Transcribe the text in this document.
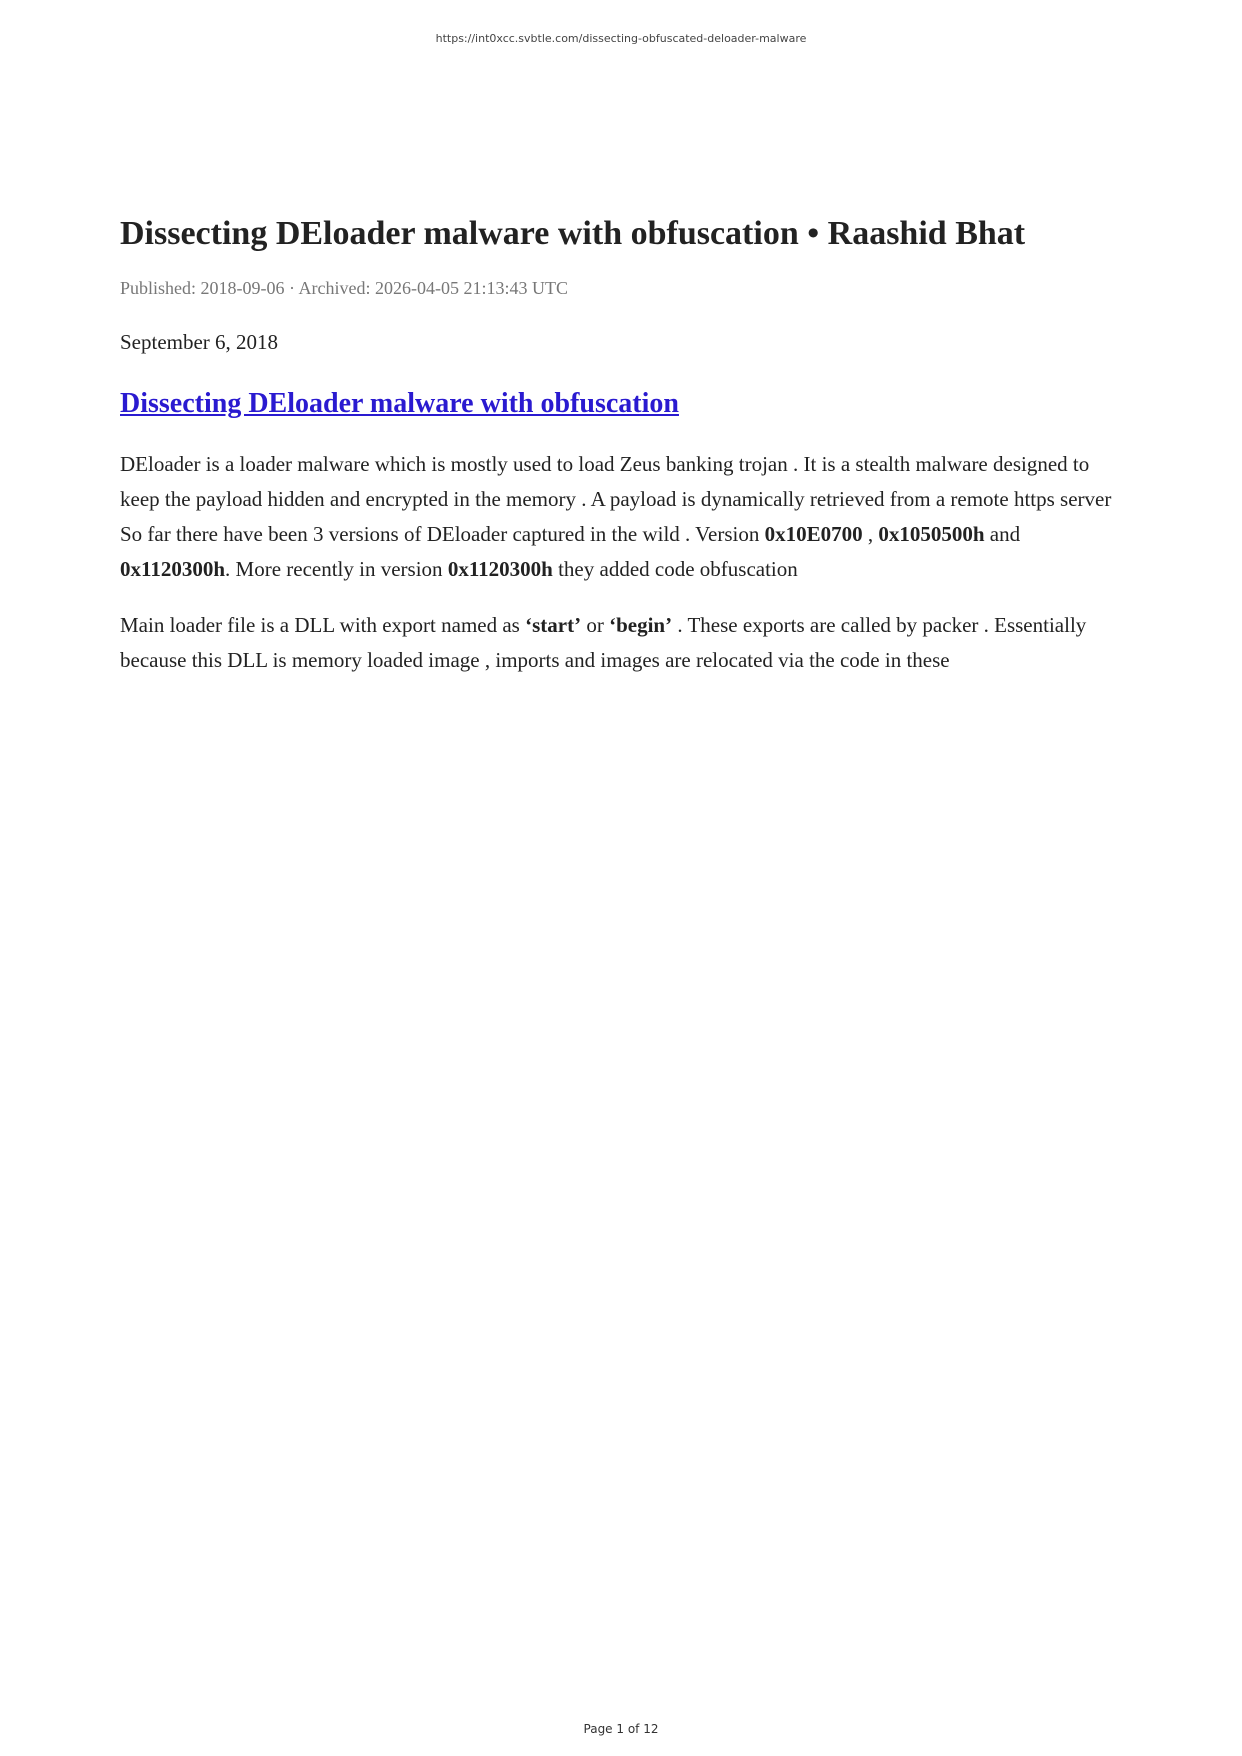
https://int0xcc.svbtle.com/dissecting-obfuscated-deloader-malware
Dissecting DEloader malware with obfuscation • Raashid Bhat
Published: 2018-09-06 · Archived: 2026-04-05 21:13:43 UTC
September 6, 2018
Dissecting DEloader malware with obfuscation

DEloader is a loader malware which is mostly used to load Zeus banking trojan . It is a stealth malware designed to keep the payload hidden and encrypted in the memory . A payload is dynamically retrieved from a remote https server So far there have been 3 versions of DEloader captured in the wild . Version 0x10E0700 , 0x1050500h and 0x1120300h. More recently in version 0x1120300h they added code obfuscation

Main loader file is a DLL with export named as ‘start’ or ‘begin’ . These exports are called by packer . Essentially because this DLL is memory loaded image , imports and images are relocated via the code in these

Page 1 of 12
